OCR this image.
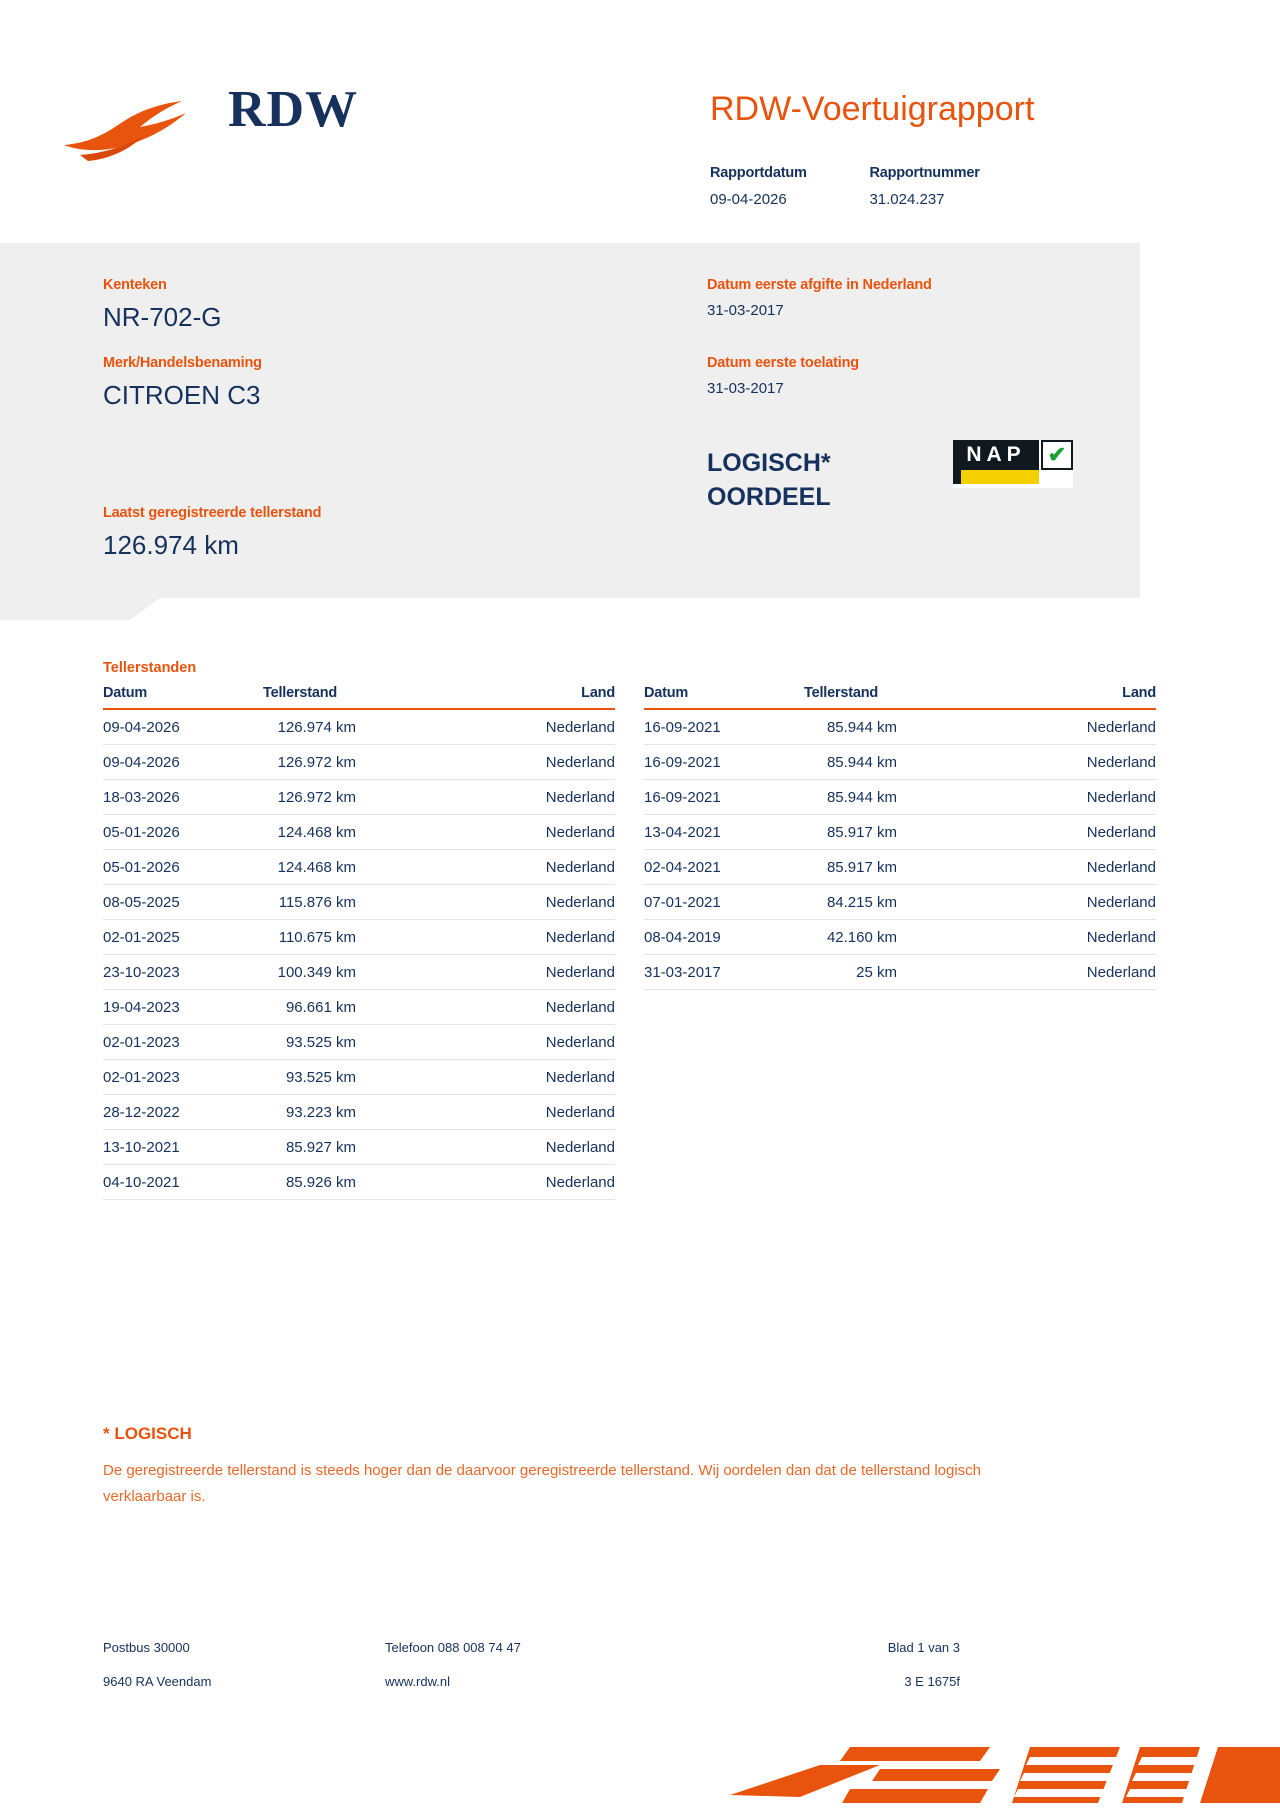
RDW	RDW-Voertuigrapport
Rapportdatum
09-04-2026

Rapportnummer
31.024.237
Kenteken
NR-702-G
Merk/Handelsbenaming
CITROEN C3
Laatst geregistreerde tellerstand
126.974 km
Datum eerste afgifte in Nederland
31-03-2017
Datum eerste toelating
31-03-2017
LOGISCH*
OORDEEL
NAP	✔
Tellerstanden
Datum	Tellerstand	Land
09-04-2026	126.974 km	Nederland
09-04-2026	126.972 km	Nederland
18-03-2026	126.972 km	Nederland
05-01-2026	124.468 km	Nederland
05-01-2026	124.468 km	Nederland
08-05-2025	115.876 km	Nederland
02-01-2025	110.675 km	Nederland
23-10-2023	100.349 km	Nederland
19-04-2023	96.661 km	Nederland
02-01-2023	93.525 km	Nederland
02-01-2023	93.525 km	Nederland
28-12-2022	93.223 km	Nederland
13-10-2021	85.927 km	Nederland
04-10-2021	85.926 km	Nederland
Datum	Tellerstand	Land
16-09-2021	85.944 km	Nederland
16-09-2021	85.944 km	Nederland
16-09-2021	85.944 km	Nederland
13-04-2021	85.917 km	Nederland
02-04-2021	85.917 km	Nederland
07-01-2021	84.215 km	Nederland
08-04-2019	42.160 km	Nederland
31-03-2017	25 km	Nederland
* LOGISCH
De geregistreerde tellerstand is steeds hoger dan de daarvoor geregistreerde tellerstand. Wij oordelen dan dat de tellerstand logisch verklaarbaar is.
Postbus 30000
9640 RA Veendam
Telefoon 088 008 74 47
www.rdw.nl
Blad 1 van 3
3 E 1675f
